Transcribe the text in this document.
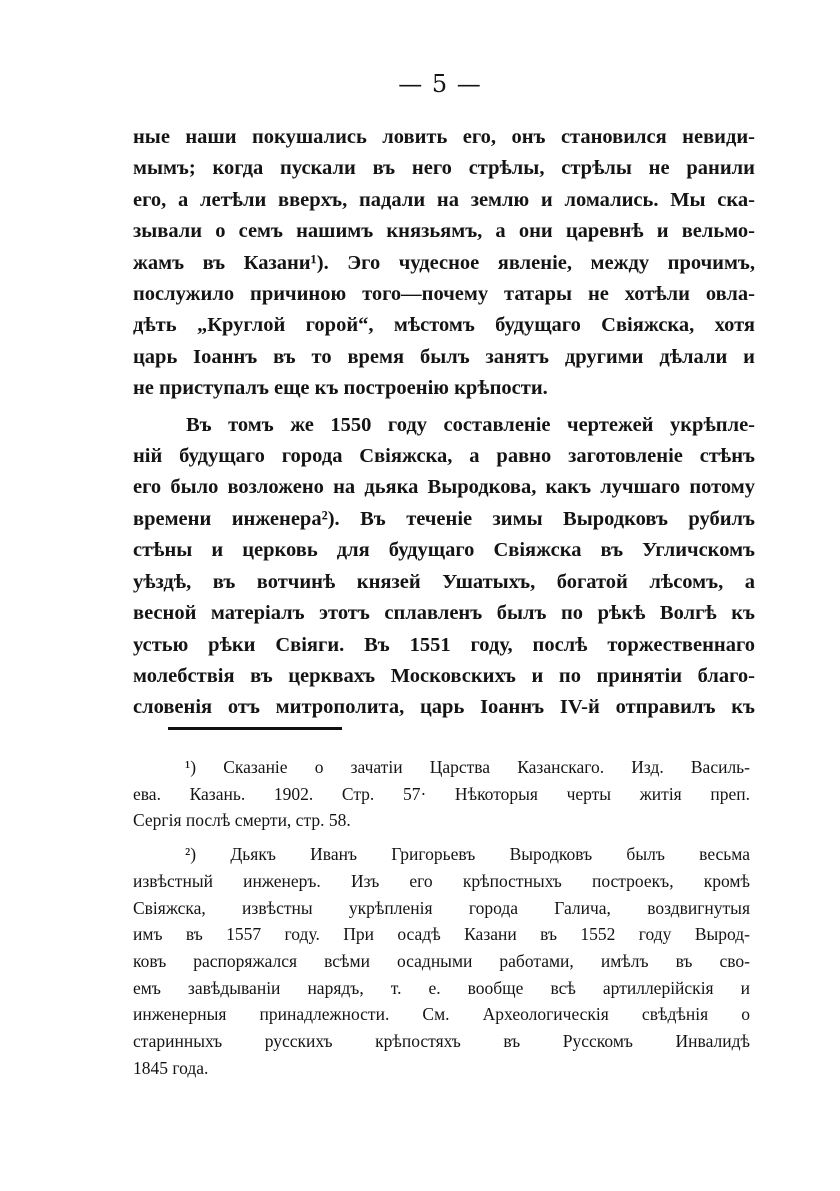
— 5 —
ные наши покушались ловить его, онъ становился невиди-
мымъ; когда пускали въ него стрѣлы, стрѣлы не ранили
его, а летѣли вверхъ, падали на землю и ломались. Мы ска-
зывали о семъ нашимъ князьямъ, а они царевнѣ и вельмо-
жамъ въ Казани¹). Эго чудесное явленіе, между прочимъ,
послужило причиною того—почему татары не хотѣли овла-
дѣть „Круглой горой“, мѣстомъ будущаго Свіяжска, хотя
царь Іоаннъ въ то время былъ занятъ другими дѣлали и
не приступалъ еще къ построенію крѣпости.
Въ томъ же 1550 году составленіе чертежей укрѣпле-
ній будущаго города Свіяжска, а равно заготовленіе стѣнъ
его было возложено на дьяка Выродкова, какъ лучшаго потому
времени инженера²). Въ теченіе зимы Выродковъ рубилъ
стѣны и церковь для будущаго Свіяжска въ Угличскомъ
уѣздѣ, въ вотчинѣ князей Ушатыхъ, богатой лѣсомъ, а
весной матеріалъ этотъ сплавленъ былъ по рѣкѣ Волгѣ къ
устью рѣки Свіяги. Въ 1551 году, послѣ торжественнаго
молебствія въ церквахъ Московскихъ и по принятіи благо-
словенія отъ митрополита, царь Іоаннъ IV-й отправилъ къ
¹) Сказаніе о зачатіи Царства Казанскаго. Изд. Василь-
ева. Казань. 1902. Стр. 57· Нѣкоторыя черты житія преп.
Сергія послѣ смерти, стр. 58.
²) Дьякъ Иванъ Григорьевъ Выродковъ былъ весьма
извѣстный инженеръ. Изъ его крѣпостныхъ построекъ, кромѣ
Свіяжска, извѣстны укрѣпленія города Галича, воздвигнутыя
имъ въ 1557 году. При осадѣ Казани въ 1552 году Вырод-
ковъ распоряжался всѣми осадными работами, имѣлъ въ сво-
емъ завѣдываніи нарядъ, т. е. вообще всѣ артиллерійскія и
инженерныя принадлежности. См. Археологическія свѣдѣнія о
старинныхъ русскихъ крѣпостяхъ въ Русскомъ Инвалидѣ
1845 года.
